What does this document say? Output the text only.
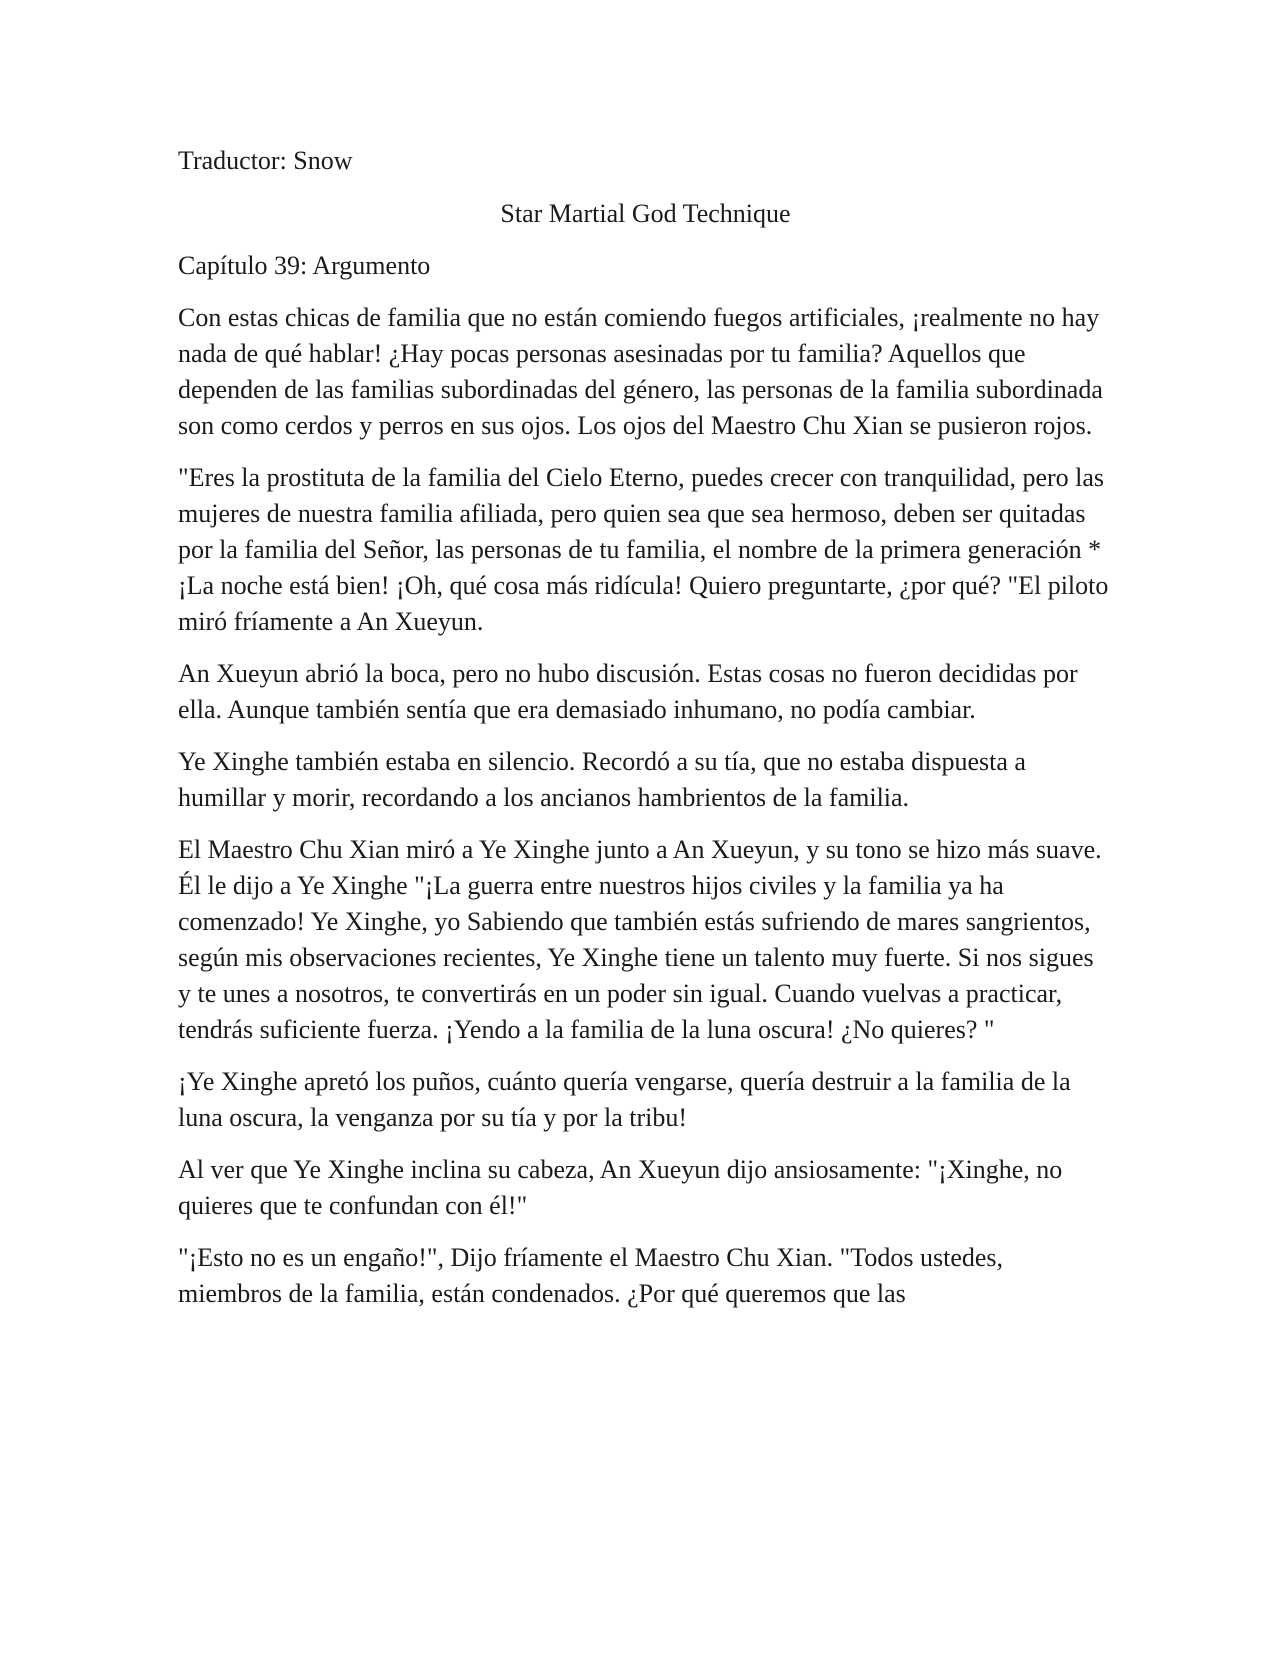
Traductor: Snow
Star Martial God Technique
Capítulo 39: Argumento

Con estas chicas de familia que no están comiendo fuegos artificiales, ¡realmente no hay nada de qué hablar! ¿Hay pocas personas asesinadas por tu familia? Aquellos que dependen de las familias subordinadas del género, las personas de la familia subordinada son como cerdos y perros en sus ojos. Los ojos del Maestro Chu Xian se pusieron rojos.

"Eres la prostituta de la familia del Cielo Eterno, puedes crecer con tranquilidad, pero las mujeres de nuestra familia afiliada, pero quien sea que sea hermoso, deben ser quitadas por la familia del Señor, las personas de tu familia, el nombre de la primera generación * ¡La noche está bien! ¡Oh, qué cosa más ridícula! Quiero preguntarte, ¿por qué? "El piloto miró fríamente a An Xueyun.

An Xueyun abrió la boca, pero no hubo discusión. Estas cosas no fueron decididas por ella. Aunque también sentía que era demasiado inhumano, no podía cambiar.

Ye Xinghe también estaba en silencio. Recordó a su tía, que no estaba dispuesta a humillar y morir, recordando a los ancianos hambrientos de la familia.

El Maestro Chu Xian miró a Ye Xinghe junto a An Xueyun, y su tono se hizo más suave. Él le dijo a Ye Xinghe "¡La guerra entre nuestros hijos civiles y la familia ya ha comenzado! Ye Xinghe, yo Sabiendo que también estás sufriendo de mares sangrientos, según mis observaciones recientes, Ye Xinghe tiene un talento muy fuerte. Si nos sigues y te unes a nosotros, te convertirás en un poder sin igual. Cuando vuelvas a practicar, tendrás suficiente fuerza. ¡Yendo a la familia de la luna oscura! ¿No quieres? "

¡Ye Xinghe apretó los puños, cuánto quería vengarse, quería destruir a la familia de la luna oscura, la venganza por su tía y por la tribu!

Al ver que Ye Xinghe inclina su cabeza, An Xueyun dijo ansiosamente: "¡Xinghe, no quieres que te confundan con él!"

"¡Esto no es un engaño!", Dijo fríamente el Maestro Chu Xian. "Todos ustedes, miembros de la familia, están condenados. ¿Por qué queremos que las
